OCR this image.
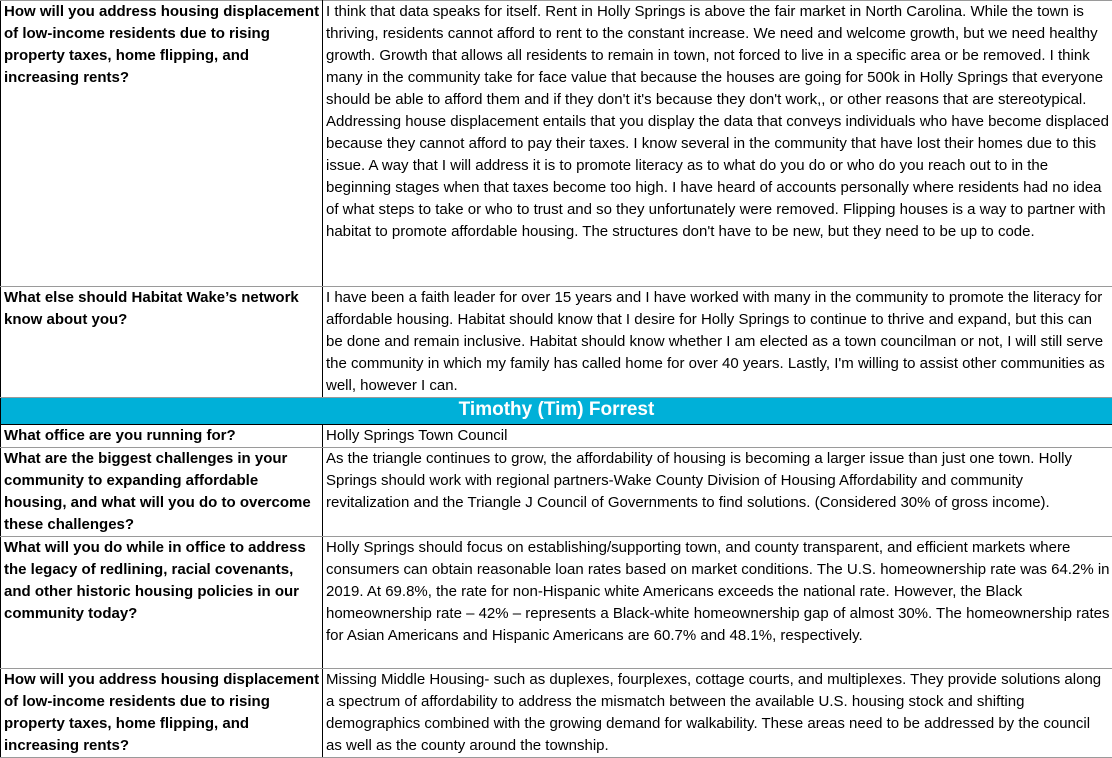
How will you address housing displacement of low-income residents due to rising property taxes, home flipping, and increasing rents?	I think that data speaks for itself. Rent in Holly Springs is above the fair market in North Carolina. While the town is thriving, residents cannot afford to rent to the constant increase. We need and welcome growth, but we need healthy growth. Growth that allows all residents to remain in town, not forced to live in a specific area or be removed. I think many in the community take for face value that because the houses are going for 500k in Holly Springs that everyone should be able to afford them and if they don't it's because they don't work,, or other reasons that are stereotypical. Addressing house displacement entails that you display the data that conveys individuals who have become displaced because they cannot afford to pay their taxes. I know several in the community that have lost their homes due to this issue. A way that I will address it is to promote literacy as to what do you do or who do you reach out to in the beginning stages when that taxes become too high. I have heard of accounts personally where residents had no idea of what steps to take or who to trust and so they unfortunately were removed. Flipping houses is a way to partner with habitat to promote affordable housing. The structures don't have to be new, but they need to be up to code.

What else should Habitat Wake’s network know about you?	I have been a faith leader for over 15 years and I have worked with many in the community to promote the literacy for affordable housing. Habitat should know that I desire for Holly Springs to continue to thrive and expand, but this can be done and remain inclusive. Habitat should know whether I am elected as a town councilman or not, I will still serve the community in which my family has called home for over 40 years. Lastly, I'm willing to assist other communities as well, however I can.

Timothy (Tim) Forrest	

What office are you running for?	Holly Springs Town Council

What are the biggest challenges in your community to expanding affordable housing, and what will you do to overcome these challenges?	As the triangle continues to grow, the affordability of housing is becoming a larger issue than just one town. Holly Springs should work with regional partners-Wake County Division of Housing Affordability and community revitalization and the Triangle J Council of Governments to find solutions. (Considered 30% of gross income).

What will you do while in office to address the legacy of redlining, racial covenants, and other historic housing policies in our community today?	Holly Springs should focus on establishing/supporting town, and county transparent, and efficient markets where consumers can obtain reasonable loan rates based on market conditions. The U.S. homeownership rate was 64.2% in 2019. At 69.8%, the rate for non-Hispanic white Americans exceeds the national rate. However, the Black homeownership rate – 42% – represents a Black-white homeownership gap of almost 30%. The homeownership rates for Asian Americans and Hispanic Americans are 60.7% and 48.1%, respectively.

How will you address housing displacement of low-income residents due to rising property taxes, home flipping, and increasing rents?	Missing Middle Housing- such as duplexes, fourplexes, cottage courts, and multiplexes. They provide solutions along a spectrum of affordability to address the mismatch between the available U.S. housing stock and shifting demographics combined with the growing demand for walkability. These areas need to be addressed by the council as well as the county around the township.
